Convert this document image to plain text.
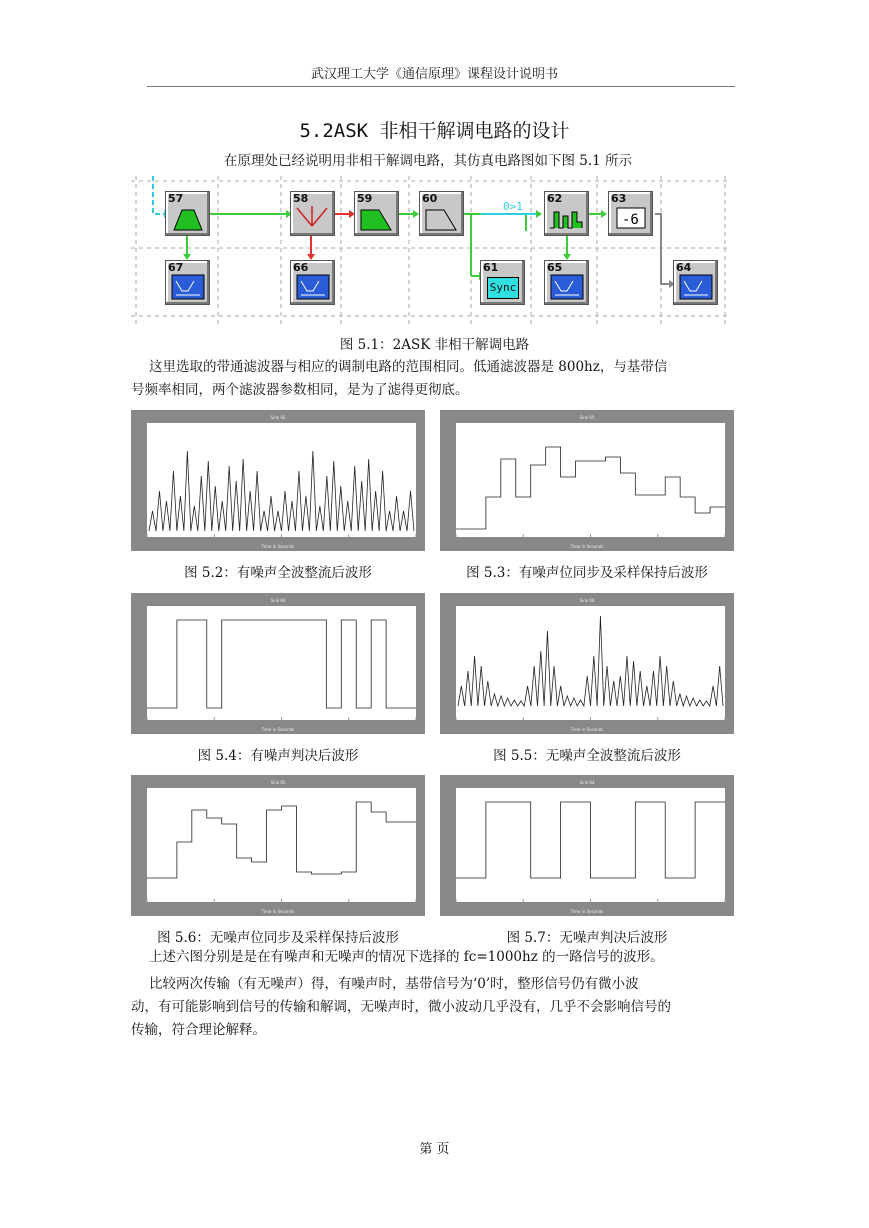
武汉理工大学《通信原理》课程设计说明书
5.2ASK 非相干解调电路的设计
在原理处已经说明用非相干解调电路，其仿真电路图如下图 5.1 所示
0>1
57	58	59	60	62	63
-6
67	66	61
Sync
65	64
图 5.1：2ASK 非相干解调电路
这里选取的带通滤波器与相应的调制电路的范围相同。低通滤波器是 800hz，与基带信
号频率相同，两个滤波器参数相同，是为了滤得更彻底。
Sink 66
Time in Seconds
Sink 65
Time in Seconds
Sink 64
Time in Seconds
Sink 66
Time in Seconds
Sink 65
Time in Seconds
Sink 64
Time in Seconds
图 5.2：有噪声全波整流后波形	图 5.3：有噪声位同步及采样保持后波形
图 5.4：有噪声判决后波形	图 5.5：无噪声全波整流后波形
图 5.6：无噪声位同步及采样保持后波形	图 5.7：无噪声判决后波形
上述六图分别是是在有噪声和无噪声的情况下选择的 fc=1000hz 的一路信号的波形。
比较两次传输（有无噪声）得，有噪声时，基带信号为‘0’时，整形信号仍有微小波
动，有可能影响到信号的传输和解调，无噪声时，微小波动几乎没有，几乎不会影响信号的
传输，符合理论解释。
第 页
